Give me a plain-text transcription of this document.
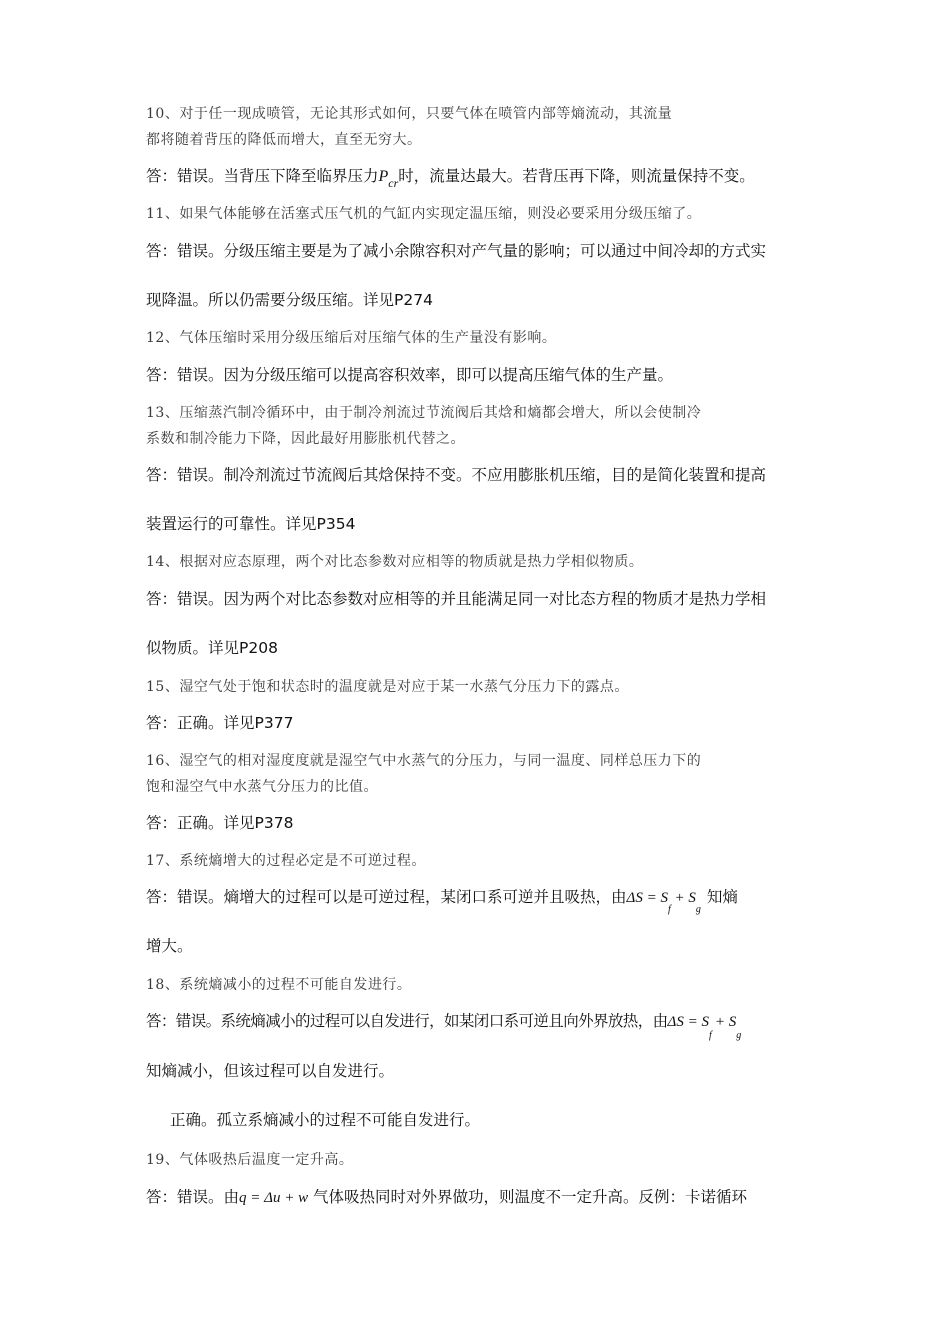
10、对于任一现成喷管，无论其形式如何，只要气体在喷管内部等熵流动，其流量
都将随着背压的降低而增大，直至无穷大。
答：错误。当背压下降至临界压力$P_{cr}$时，流量达最大。若背压再下降，则流量保持不变。
11、如果气体能够在活塞式压气机的气缸内实现定温压缩，则没必要采用分级压缩了。
答：错误。分级压缩主要是为了减小余隙容积对产气量的影响；可以通过中间冷却的方式实
现降温。所以仍需要分级压缩。详见P274
12、气体压缩时采用分级压缩后对压缩气体的生产量没有影响。
答：错误。因为分级压缩可以提高容积效率，即可以提高压缩气体的生产量。
13、压缩蒸汽制冷循环中，由于制冷剂流过节流阀后其焓和熵都会增大，所以会使制冷
系数和制冷能力下降，因此最好用膨胀机代替之。
答：错误。制冷剂流过节流阀后其焓保持不变。不应用膨胀机压缩，目的是简化装置和提高
装置运行的可靠性。详见P354
14、根据对应态原理，两个对比态参数对应相等的物质就是热力学相似物质。
答：错误。因为两个对比态参数对应相等的并且能满足同一对比态方程的物质才是热力学相
似物质。详见P208
15、湿空气处于饱和状态时的温度就是对应于某一水蒸气分压力下的露点。
答：正确。详见P377
16、湿空气的相对湿度度就是湿空气中水蒸气的分压力，与同一温度、同样总压力下的
饱和湿空气中水蒸气分压力的比值。
答：正确。详见P378
17、系统熵增大的过程必定是不可逆过程。
答：错误。熵增大的过程可以是可逆过程，某闭口系可逆并且吸热，由$\Delta S = S_f + S_g$知熵
增大。
18、系统熵减小的过程不可能自发进行。
答：错误。系统熵减小的过程可以自发进行，如某闭口系可逆且向外界放热，由$\Delta S = S_f + S_g$
知熵减小，但该过程可以自发进行。
正确。孤立系熵减小的过程不可能自发进行。
19、气体吸热后温度一定升高。
答：错误。由q = Δu + w 气体吸热同时对外界做功，则温度不一定升高。反例：卡诺循环
